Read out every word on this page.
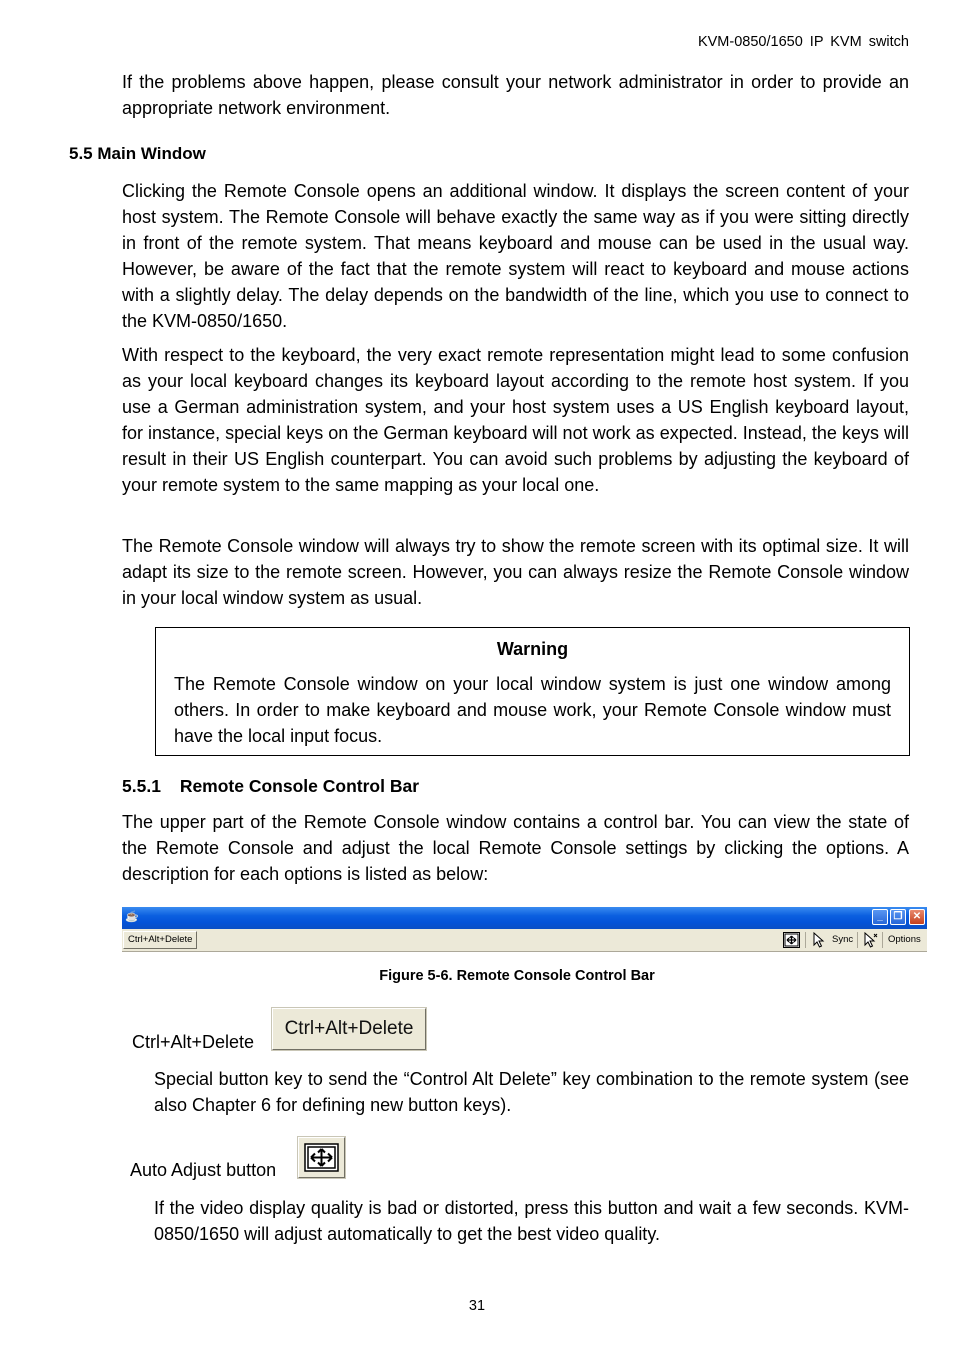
KVM-0850/1650 IP KVM switch

If the problems above happen, please consult your network administrator in order to provide an appropriate network environment.

5.5 Main Window

Clicking the Remote Console opens an additional window. It displays the screen content of your host system. The Remote Console will behave exactly the same way as if you were sitting directly in front of the remote system. That means keyboard and mouse can be used in the usual way. However, be aware of the fact that the remote system will react to keyboard and mouse actions with a slightly delay. The delay depends on the bandwidth of the line, which you use to connect to the KVM-0850/1650.

With respect to the keyboard, the very exact remote representation might lead to some confusion as your local keyboard changes its keyboard layout according to the remote host system. If you use a German administration system, and your host system uses a US English keyboard layout, for instance, special keys on the German keyboard will not work as expected. Instead, the keys will result in their US English counterpart. You can avoid such problems by adjusting the keyboard of your remote system to the same mapping as your local one.

The Remote Console window will always try to show the remote screen with its optimal size. It will adapt its size to the remote screen. However, you can always resize the Remote Console window in your local window system as usual.

Warning

The Remote Console window on your local window system is just one window among others. In order to make keyboard and mouse work, your Remote Console window must have the local input focus.

5.5.1 Remote Console Control Bar

The upper part of the Remote Console window contains a control bar. You can view the state of the Remote Console and adjust the local Remote Console settings by clicking the options. A description for each options is listed as below:

☕	_	❐	✕
Ctrl+Alt+Delete	Sync	Options
Figure 5-6. Remote Console Control Bar
Ctrl+Alt+Delete
Ctrl+Alt+Delete

Special button key to send the “Control Alt Delete” key combination to the remote system (see also Chapter 6 for defining new button keys).

Auto Adjust button

If the video display quality is bad or distorted, press this button and wait a few seconds. KVM-0850/1650 will adjust automatically to get the best video quality.

31
